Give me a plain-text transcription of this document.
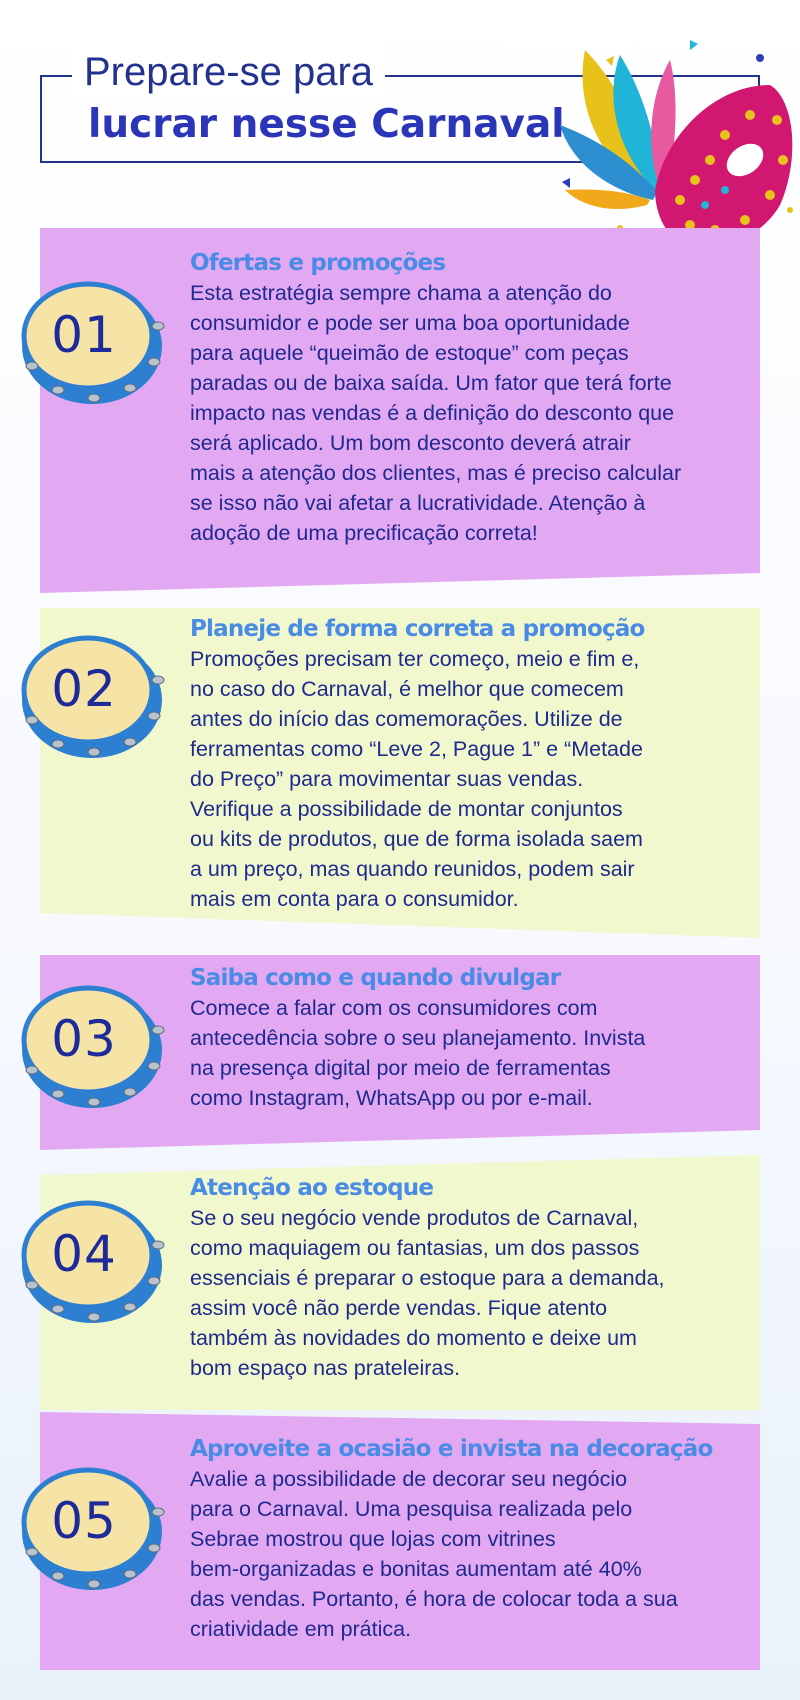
Prepare-se para
lucrar nesse Carnaval
Ofertas e promoções
Esta estratégia sempre chama a atenção do
consumidor e pode ser uma boa oportunidade
para aquele “queimão de estoque” com peças
paradas ou de baixa saída. Um fator que terá forte
impacto nas vendas é a definição do desconto que
será aplicado. Um bom desconto deverá atrair
mais a atenção dos clientes, mas é preciso calcular
se isso não vai afetar a lucratividade. Atenção à
adoção de uma precificação correta!
01
Planeje de forma correta a promoção
Promoções precisam ter começo, meio e fim e,
no caso do Carnaval, é melhor que comecem
antes do início das comemorações. Utilize de
ferramentas como “Leve 2, Pague 1” e “Metade
do Preço” para movimentar suas vendas.
Verifique a possibilidade de montar conjuntos
ou kits de produtos, que de forma isolada saem
a um preço, mas quando reunidos, podem sair
mais em conta para o consumidor.
02
Saiba como e quando divulgar
Comece a falar com os consumidores com
antecedência sobre o seu planejamento. Invista
na presença digital por meio de ferramentas
como Instagram, WhatsApp ou por e-mail.
03
Atenção ao estoque
Se o seu negócio vende produtos de Carnaval,
como maquiagem ou fantasias, um dos passos
essenciais é preparar o estoque para a demanda,
assim você não perde vendas. Fique atento
também às novidades do momento e deixe um
bom espaço nas prateleiras.
04
Aproveite a ocasião e invista na decoração
Avalie a possibilidade de decorar seu negócio
para o Carnaval. Uma pesquisa realizada pelo
Sebrae mostrou que lojas com vitrines
bem-organizadas e bonitas aumentam até 40%
das vendas. Portanto, é hora de colocar toda a sua
criatividade em prática.
05
